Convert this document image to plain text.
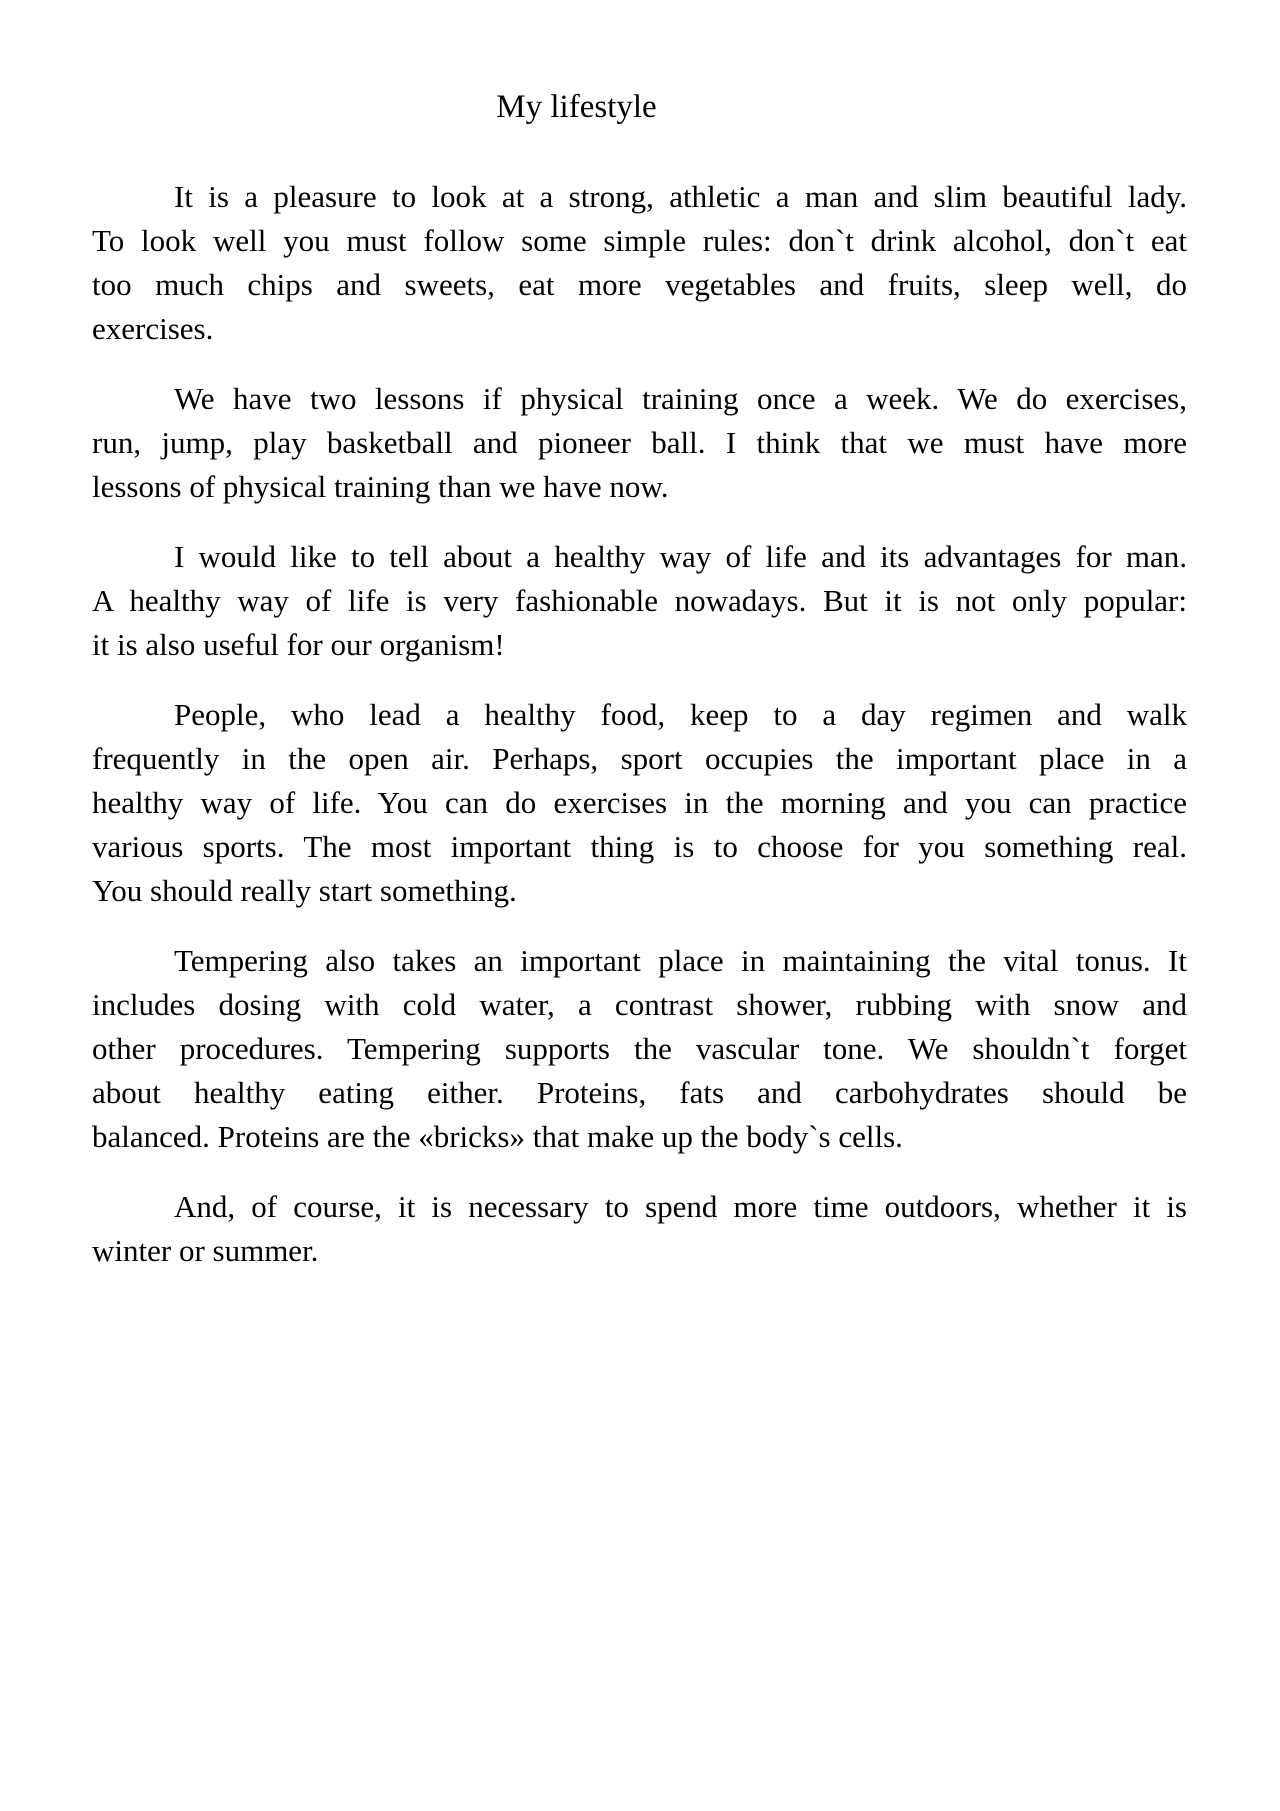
My lifestyle
It is a pleasure to look at a strong, athletic a man and slim beautiful lady.
To look well you must follow some simple rules: don`t drink alcohol, don`t eat
too much chips and sweets, eat more vegetables and fruits, sleep well, do
exercises.
We have two lessons if physical training once a week. We do exercises,
run, jump, play basketball and pioneer ball. I think that we must have more
lessons of physical training than we have now.
I would like to tell about a healthy way of life and its advantages for man.
A healthy way of life is very fashionable nowadays. But it is not only popular:
it is also useful for our organism!
People, who lead a healthy food, keep to a day regimen and walk
frequently in the open air. Perhaps, sport occupies the important place in a
healthy way of life. You can do exercises in the morning and you can practice
various sports. The most important thing is to choose for you something real.
You should really start something.
Tempering also takes an important place in maintaining the vital tonus. It
includes dosing with cold water, a contrast shower, rubbing with snow and
other procedures. Tempering supports the vascular tone. We shouldn`t forget
about healthy eating either. Proteins, fats and carbohydrates should be
balanced. Proteins are the «bricks» that make up the body`s cells.
And, of course, it is necessary to spend more time outdoors, whether it is
winter or summer.
